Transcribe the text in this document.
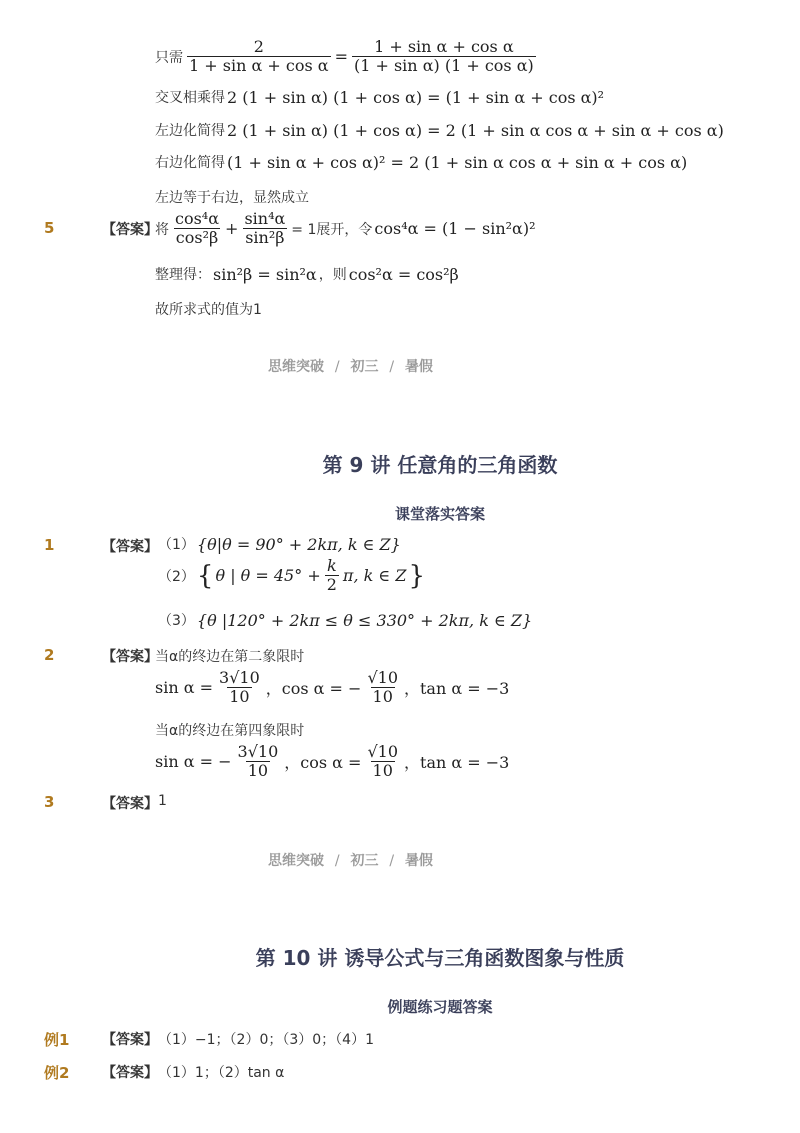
只需 $\frac{2}{\text{1 + sin α + cos α}} = \frac{\text{1 + sin α + cos α}}{\text{(1 + sin α) (1 + cos α)}}$
交叉相乘得 2 (1 + sin α) (1 + cos α) = (1 + sin α + cos α)²
左边化简得 2 (1 + sin α) (1 + cos α) = 2 (1 + sin α cos α + sin α + cos α)
右边化简得 (1 + sin α + cos α)² = 2 (1 + sin α cos α + sin α + cos α)
左边等于右边，显然成立
5	【答案】
将 $\frac{\text{cos⁴α}}{\text{cos²β}} + \frac{\text{sin⁴α}}{\text{sin²β}} = 1$展开，令 cos⁴α = (1 − sin²α)²
整理得： sin²β = sin²α ，则 cos²α = cos²β
故所求式的值为1
思维突破 / 初三 / 暑假
第 9 讲 任意角的三角函数
课堂落实答案
1	【答案】 （1） {θ|θ = 90° + 2kπ, k ∈ Z}
（2） { θ | $\theta = 45^\circ + \frac{k}{2} \pi$, k ∈ Z }
（3） {θ |120° + 2kπ ≤ θ ≤ 330° + 2kπ, k ∈ Z}
2	【答案】
当α的终边在第二象限时
$\sin \alpha = \frac{3√10}{10}$ ，cos α = − $\frac{√10}{10}$ ，tan α = −3
当α的终边在第四象限时
sin α = − $\frac{3√10}{10}$ ，$\cos \alpha = \frac{√10}{10}$ ，tan α = −3
3	【答案】 1
思维突破 / 初三 / 暑假
第 10 讲 诱导公式与三角函数图象与性质
例题练习题答案
例1 【答案】 （1）−1；（2）0；（3）0；（4）1
例2 【答案】 （1）1；（2）tan α
